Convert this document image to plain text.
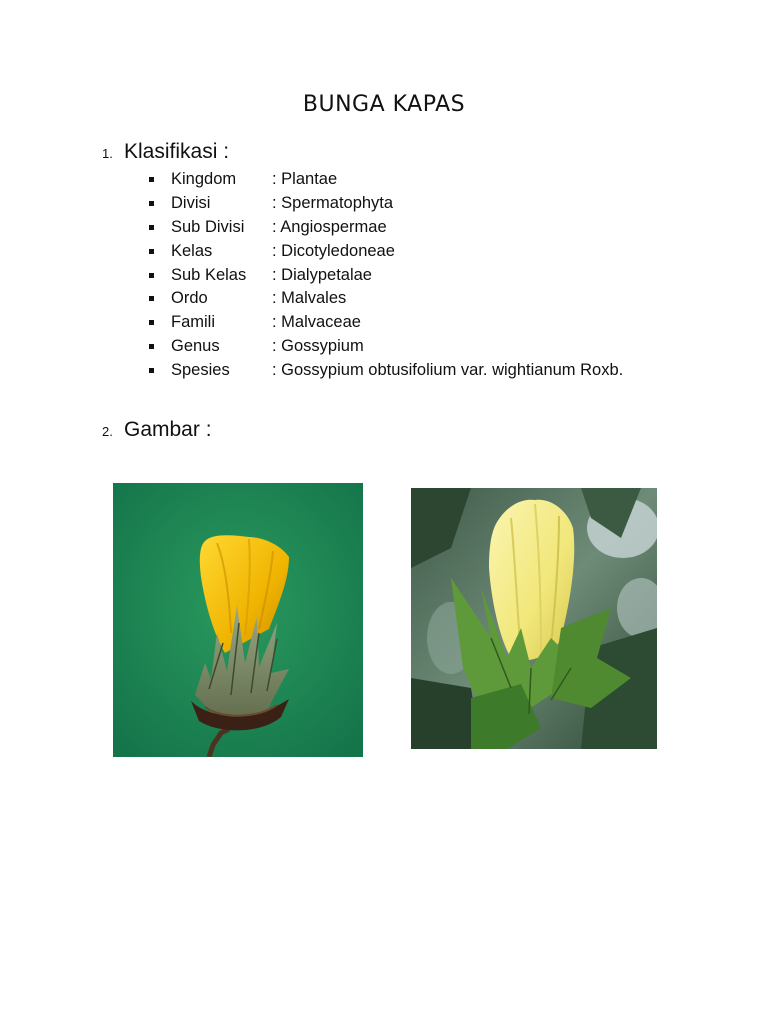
BUNGA KAPAS
1. Klasifikasi :
Kingdom	: Plantae
Divisi	: Spermatophyta
Sub Divisi	: Angiospermae
Kelas	: Dicotyledoneae
Sub Kelas	: Dialypetalae
Ordo	: Malvales
Famili	: Malvaceae
Genus	: Gossypium
Spesies	: Gossypium obtusifolium var. wightianum Roxb.
2. Gambar :
